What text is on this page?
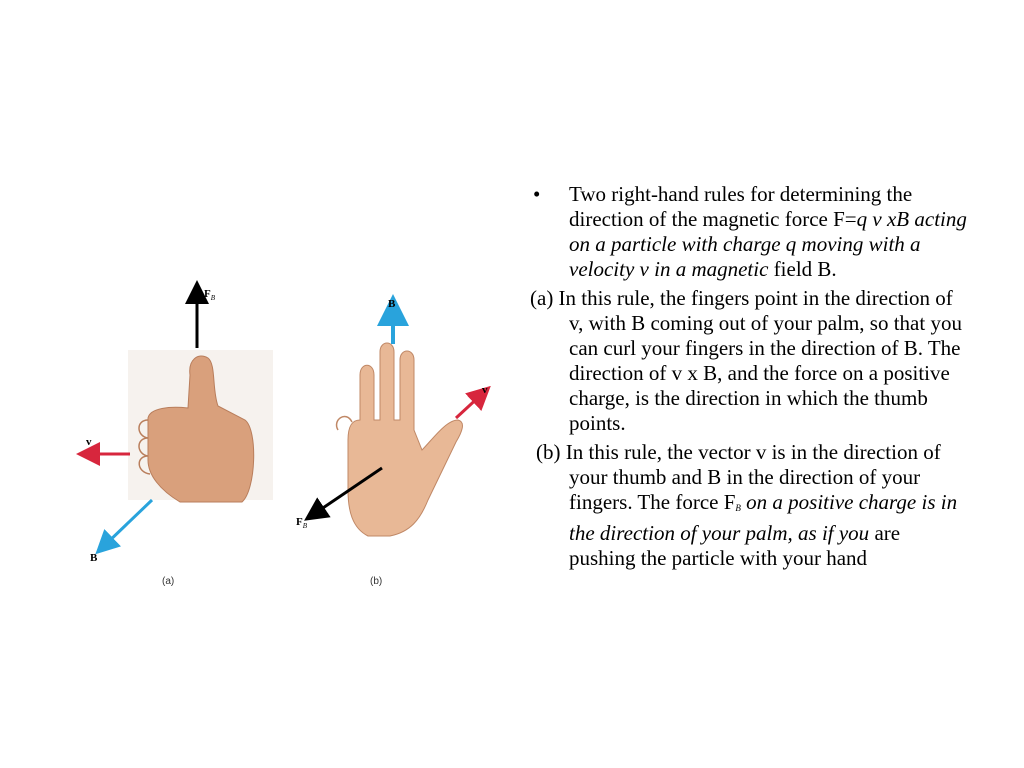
$F_B$
v
B
(a)
B
v
$F_B$
(b)

• Two right-hand rules for determining the direction of the magnetic force F=q v xB acting on a particle with charge q moving with a velocity v in a magnetic field B.

(a) In this rule, the fingers point in the direction of v, with B coming out of your palm, so that you can curl your fingers in the direction of B. The direction of v x B, and the force on a positive charge, is the direction in which the thumb points.

(b) In this rule, the vector v is in the direction of your thumb and B in the direction of your fingers. The force FB on a positive charge is in the direction of your palm, as if you are pushing the particle with your hand
